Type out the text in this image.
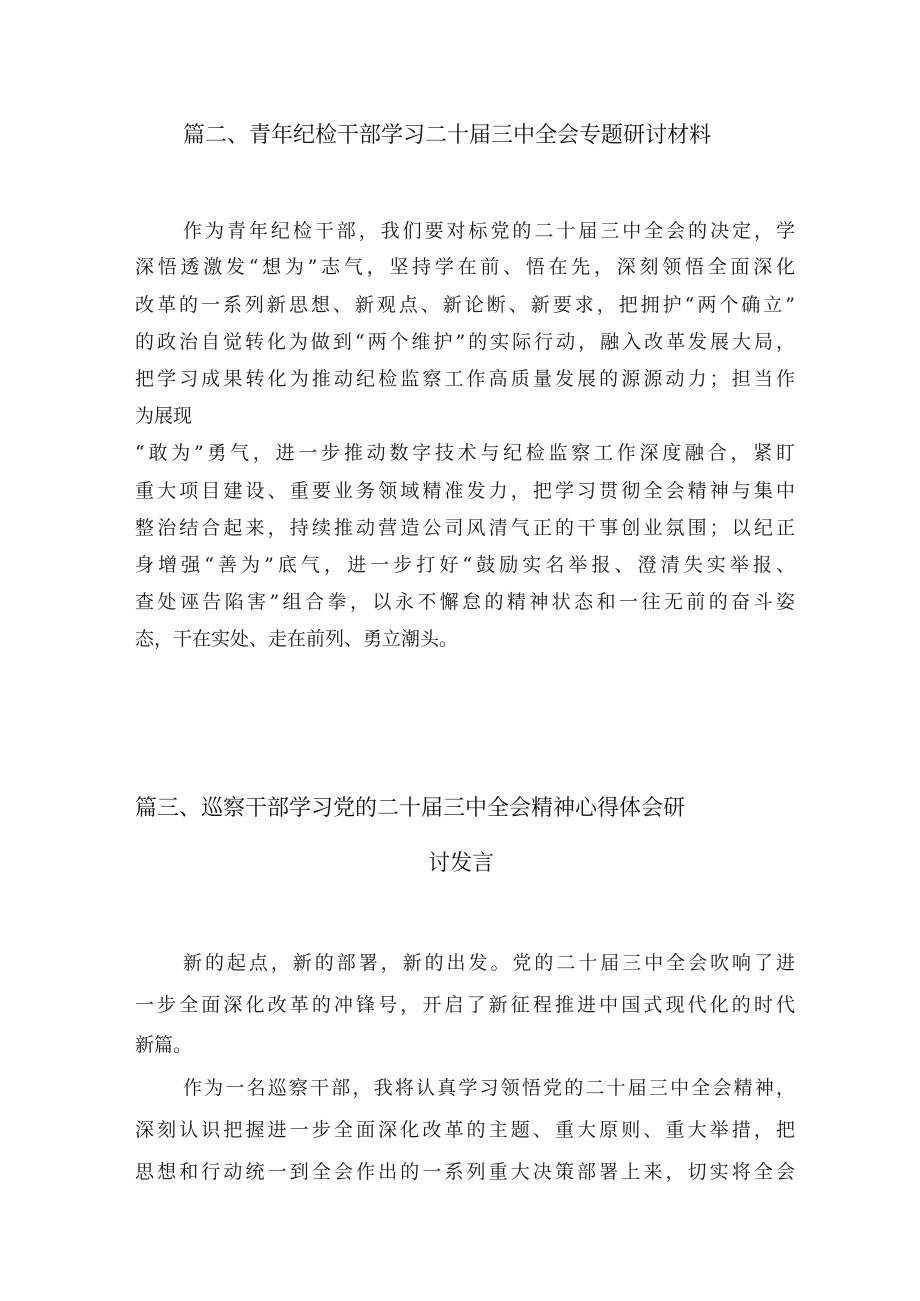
篇二、青年纪检干部学习二十届三中全会专题研讨材料
作为青年纪检干部，我们要对标党的二十届三中全会的决定，学
深悟透激发“想为”志气，坚持学在前、悟在先，深刻领悟全面深化
改革的一系列新思想、新观点、新论断、新要求，把拥护“两个确立”
的政治自觉转化为做到“两个维护”的实际行动，融入改革发展大局，
把学习成果转化为推动纪检监察工作高质量发展的源源动力；担当作
为展现
“敢为”勇气，进一步推动数字技术与纪检监察工作深度融合，紧盯
重大项目建设、重要业务领域精准发力，把学习贯彻全会精神与集中
整治结合起来，持续推动营造公司风清气正的干事创业氛围；以纪正
身增强“善为”底气，进一步打好“鼓励实名举报、澄清失实举报、
查处诬告陷害”组合拳，以永不懈怠的精神状态和一往无前的奋斗姿
态，干在实处、走在前列、勇立潮头。
篇三、巡察干部学习党的二十届三中全会精神心得体会研
讨发言
新的起点，新的部署，新的出发。党的二十届三中全会吹响了进
一步全面深化改革的冲锋号，开启了新征程推进中国式现代化的时代
新篇。
作为一名巡察干部，我将认真学习领悟党的二十届三中全会精神，
深刻认识把握进一步全面深化改革的主题、重大原则、重大举措，把
思想和行动统一到全会作出的一系列重大决策部署上来，切实将全会
